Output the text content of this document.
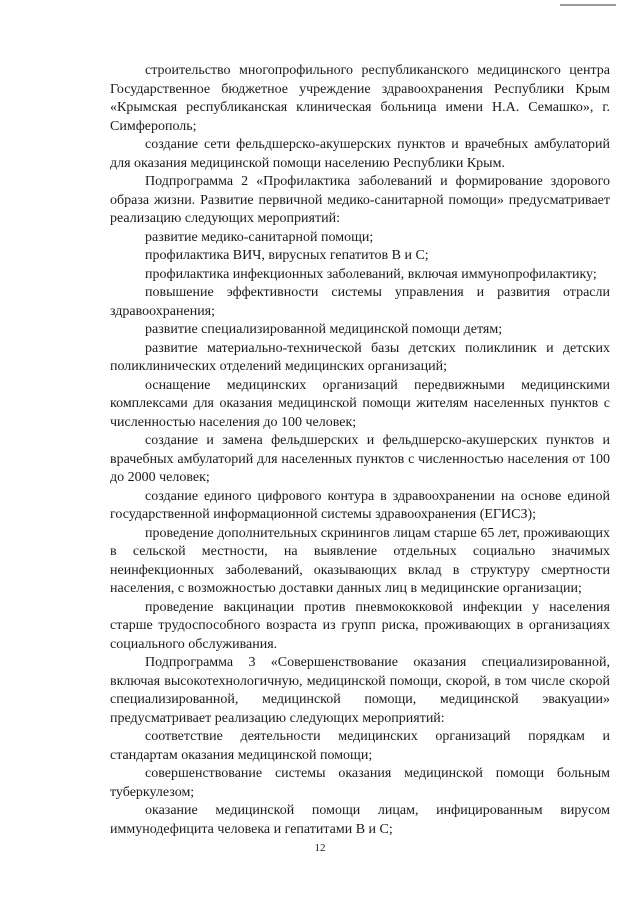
строительство многопрофильного республиканского медицинского центра Государственное бюджетное учреждение здравоохранения Республики Крым «Крымская республиканская клиническая больница имени Н.А. Семашко», г. Симферополь;

создание сети фельдшерско-акушерских пунктов и врачебных амбулаторий для оказания медицинской помощи населению Республики Крым.

Подпрограмма 2 «Профилактика заболеваний и формирование здорового образа жизни. Развитие первичной медико-санитарной помощи» предусматривает реализацию следующих мероприятий:

развитие медико-санитарной помощи;

профилактика ВИЧ, вирусных гепатитов B и C;

профилактика инфекционных заболеваний, включая иммунопрофилактику;

повышение эффективности системы управления и развития отрасли здравоохранения;

развитие специализированной медицинской помощи детям;

развитие материально-технической базы детских поликлиник и детских поликлинических отделений медицинских организаций;

оснащение медицинских организаций передвижными медицинскими комплексами для оказания медицинской помощи жителям населенных пунктов с численностью населения до 100 человек;

создание и замена фельдшерских и фельдшерско-акушерских пунктов и врачебных амбулаторий для населенных пунктов с численностью населения от 100 до 2000 человек;

создание единого цифрового контура в здравоохранении на основе единой государственной информационной системы здравоохранения (ЕГИСЗ);

проведение дополнительных скринингов лицам старше 65 лет, проживающих в сельской местности, на выявление отдельных социально значимых неинфекционных заболеваний, оказывающих вклад в структуру смертности населения, с возможностью доставки данных лиц в медицинские организации;

проведение вакцинации против пневмококковой инфекции у населения старше трудоспособного возраста из групп риска, проживающих в организациях социального обслуживания.

Подпрограмма 3 «Совершенствование оказания специализированной, включая высокотехнологичную, медицинской помощи, скорой, в том числе скорой специализированной, медицинской помощи, медицинской эвакуации» предусматривает реализацию следующих мероприятий:

соответствие деятельности медицинских организаций порядкам и стандартам оказания медицинской помощи;

совершенствование системы оказания медицинской помощи больным туберкулезом;

оказание медицинской помощи лицам, инфицированным вирусом иммунодефицита человека и гепатитами B и C;

12
